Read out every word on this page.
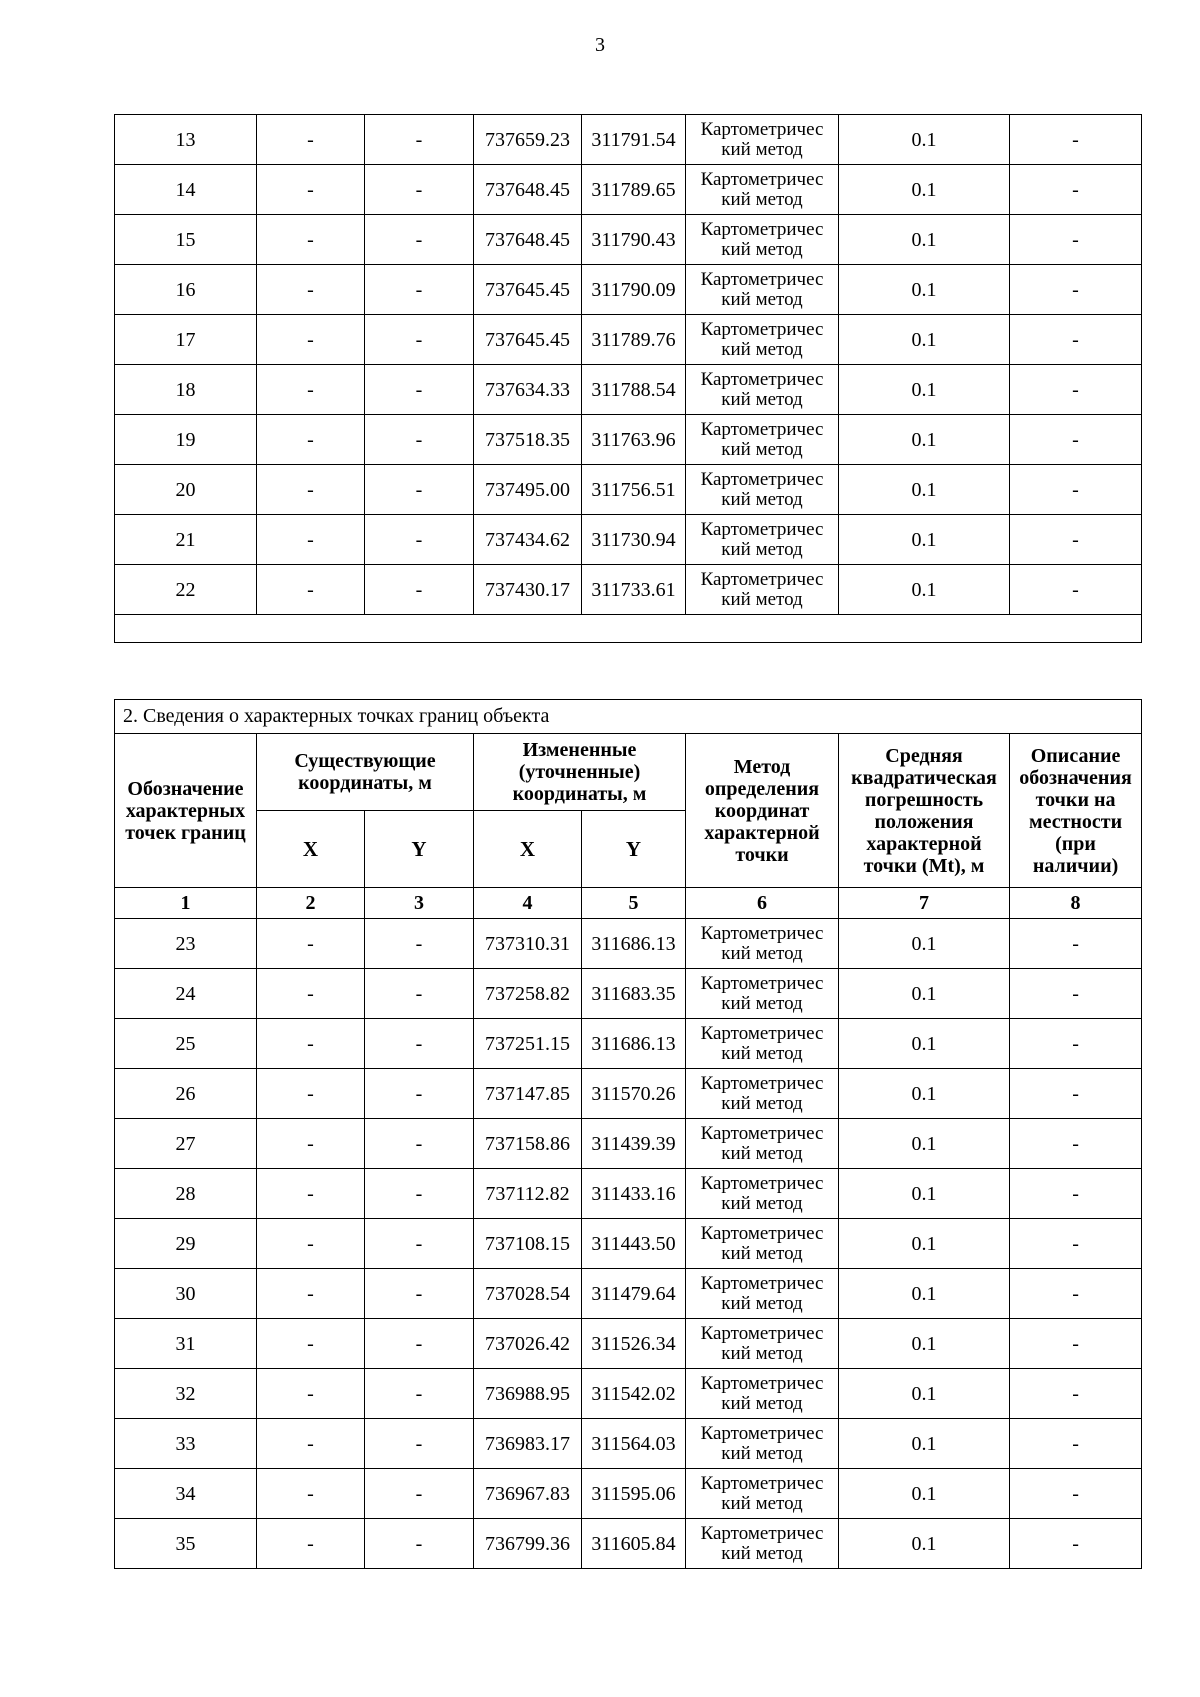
3
13	-	-	737659.23	311791.54	Картометричес
кий метод	0.1	-
14	-	-	737648.45	311789.65	Картометричес
кий метод	0.1	-
15	-	-	737648.45	311790.43	Картометричес
кий метод	0.1	-
16	-	-	737645.45	311790.09	Картометричес
кий метод	0.1	-
17	-	-	737645.45	311789.76	Картометричес
кий метод	0.1	-
18	-	-	737634.33	311788.54	Картометричес
кий метод	0.1	-
19	-	-	737518.35	311763.96	Картометричес
кий метод	0.1	-
20	-	-	737495.00	311756.51	Картометричес
кий метод	0.1	-
21	-	-	737434.62	311730.94	Картометричес
кий метод	0.1	-
22	-	-	737430.17	311733.61	Картометричес
кий метод	0.1	-

2. Сведения о характерных точках границ объекта							
Обозначение характерных точек границ	Существующие координаты, м		Измененные (уточненные) координаты, м		Метод определения координат характерной точки	Средняя квадратическая погрешность положения характерной точки (Mt), м	Описание обозначения точки на местности (при наличии)
	X	Y	X	Y			
1	2	3	4	5	6	7	8
23	-	-	737310.31	311686.13	Картометричес
кий метод	0.1	-
24	-	-	737258.82	311683.35	Картометричес
кий метод	0.1	-
25	-	-	737251.15	311686.13	Картометричес
кий метод	0.1	-
26	-	-	737147.85	311570.26	Картометричес
кий метод	0.1	-
27	-	-	737158.86	311439.39	Картометричес
кий метод	0.1	-
28	-	-	737112.82	311433.16	Картометричес
кий метод	0.1	-
29	-	-	737108.15	311443.50	Картометричес
кий метод	0.1	-
30	-	-	737028.54	311479.64	Картометричес
кий метод	0.1	-
31	-	-	737026.42	311526.34	Картометричес
кий метод	0.1	-
32	-	-	736988.95	311542.02	Картометричес
кий метод	0.1	-
33	-	-	736983.17	311564.03	Картометричес
кий метод	0.1	-
34	-	-	736967.83	311595.06	Картометричес
кий метод	0.1	-
35	-	-	736799.36	311605.84	Картометричес
кий метод	0.1	-
